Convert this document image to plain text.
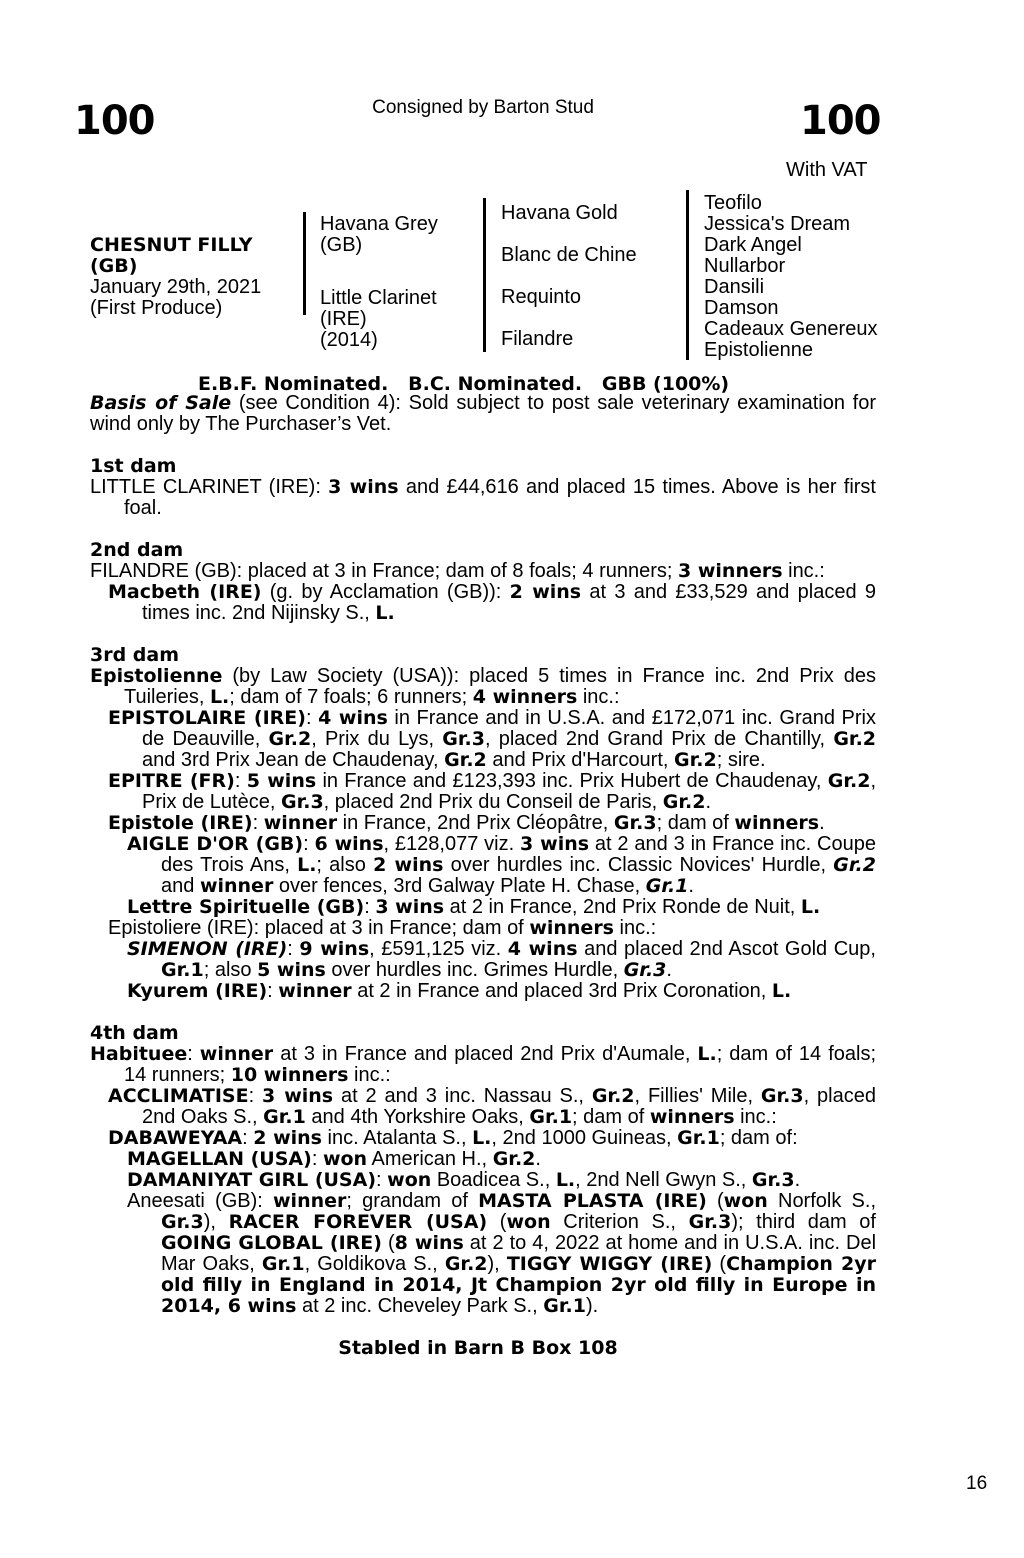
100	Consigned by Barton Stud	100
With VAT
CHESNUT FILLY
(GB)
January 29th, 2021
(First Produce)
Havana Grey
(GB)
Little Clarinet
(IRE)
(2014)
Havana Gold
Blanc de Chine
Requinto
Filandre
Teofilo
Jessica's Dream
Dark Angel
Nullarbor
Dansili
Damson
Cadeaux Genereux
Epistolienne
E.B.F. Nominated.   B.C. Nominated.   GBB (100%)

Basis of Sale (see Condition 4): Sold subject to post sale veterinary examination for wind only by The Purchaser’s Vet.

1st dam

LITTLE CLARINET (IRE): 3 wins and £44,616 and placed 15 times. Above is her first foal.

2nd dam

FILANDRE (GB): placed at 3 in France; dam of 8 foals; 4 runners; 3 winners inc.:

Macbeth (IRE) (g. by Acclamation (GB)): 2 wins at 3 and £33,529 and placed 9 times inc. 2nd Nijinsky S., L.

3rd dam

Epistolienne (by Law Society (USA)): placed 5 times in France inc. 2nd Prix des Tuileries, L.; dam of 7 foals; 6 runners; 4 winners inc.:

EPISTOLAIRE (IRE): 4 wins in France and in U.S.A. and £172,071 inc. Grand Prix de Deauville, Gr.2, Prix du Lys, Gr.3, placed 2nd Grand Prix de Chantilly, Gr.2 and 3rd Prix Jean de Chaudenay, Gr.2 and Prix d'Harcourt, Gr.2; sire.

EPITRE (FR): 5 wins in France and £123,393 inc. Prix Hubert de Chaudenay, Gr.2, Prix de Lutèce, Gr.3, placed 2nd Prix du Conseil de Paris, Gr.2.

Epistole (IRE): winner in France, 2nd Prix Cléopâtre, Gr.3; dam of winners.

AIGLE D'OR (GB): 6 wins, £128,077 viz. 3 wins at 2 and 3 in France inc. Coupe des Trois Ans, L.; also 2 wins over hurdles inc. Classic Novices' Hurdle, Gr.2 and winner over fences, 3rd Galway Plate H. Chase, Gr.1.

Lettre Spirituelle (GB): 3 wins at 2 in France, 2nd Prix Ronde de Nuit, L.

Epistoliere (IRE): placed at 3 in France; dam of winners inc.:

SIMENON (IRE): 9 wins, £591,125 viz. 4 wins and placed 2nd Ascot Gold Cup, Gr.1; also 5 wins over hurdles inc. Grimes Hurdle, Gr.3.

Kyurem (IRE): winner at 2 in France and placed 3rd Prix Coronation, L.

4th dam

Habituee: winner at 3 in France and placed 2nd Prix d'Aumale, L.; dam of 14 foals; 14 runners; 10 winners inc.:

ACCLIMATISE: 3 wins at 2 and 3 inc. Nassau S., Gr.2, Fillies' Mile, Gr.3, placed 2nd Oaks S., Gr.1 and 4th Yorkshire Oaks, Gr.1; dam of winners inc.:

DABAWEYAA: 2 wins inc. Atalanta S., L., 2nd 1000 Guineas, Gr.1; dam of:

MAGELLAN (USA): won American H., Gr.2.

DAMANIYAT GIRL (USA): won Boadicea S., L., 2nd Nell Gwyn S., Gr.3.

Aneesati (GB): winner; grandam of MASTA PLASTA (IRE) (won Norfolk S., Gr.3), RACER FOREVER (USA) (won Criterion S., Gr.3); third dam of GOING GLOBAL (IRE) (8 wins at 2 to 4, 2022 at home and in U.S.A. inc. Del Mar Oaks, Gr.1, Goldikova S., Gr.2), TIGGY WIGGY (IRE) (Champion 2yr old filly in England in 2014, Jt Champion 2yr old filly in Europe in 2014, 6 wins at 2 inc. Cheveley Park S., Gr.1).

Stabled in Barn B Box 108

16
